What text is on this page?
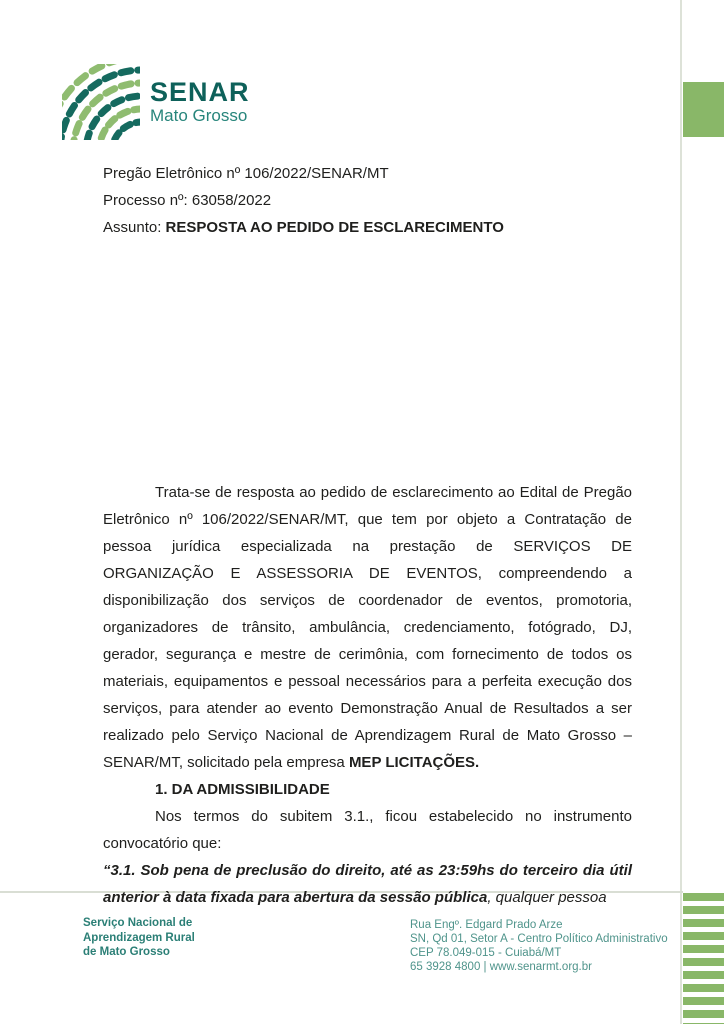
SENAR
Mato Grosso
Pregão Eletrônico nº 106/2022/SENAR/MT
Processo nº: 63058/2022
Assunto: RESPOSTA AO PEDIDO DE ESCLARECIMENTO

Trata-se de resposta ao pedido de esclarecimento ao Edital de Pregão Eletrônico nº 106/2022/SENAR/MT, que tem por objeto a Contratação de pessoa jurídica especializada na prestação de SERVIÇOS DE ORGANIZAÇÃO E ASSESSORIA DE EVENTOS, compreendendo a disponibilização dos serviços de coordenador de eventos, promotoria, organizadores de trânsito, ambulância, credenciamento, fotógrado, DJ, gerador, segurança e mestre de cerimônia, com fornecimento de todos os materiais, equipamentos e pessoal necessários para a perfeita execução dos serviços, para atender ao evento Demonstração Anual de Resultados a ser realizado pelo Serviço Nacional de Aprendizagem Rural de Mato Grosso – SENAR/MT, solicitado pela empresa MEP LICITAÇÕES.

1. DA ADMISSIBILIDADE

Nos termos do subitem 3.1., ficou estabelecido no instrumento convocatório que:

“3.1. Sob pena de preclusão do direito, até as 23:59hs do terceiro dia útil anterior à data fixada para abertura da sessão pública, qualquer pessoa

Serviço Nacional de
Aprendizagem Rural
de Mato Grosso
Rua Engº. Edgard Prado Arze
SN, Qd 01, Setor A - Centro Político Administrativo
CEP 78.049-015 - Cuiabá/MT
65 3928 4800 | www.senarmt.org.br
